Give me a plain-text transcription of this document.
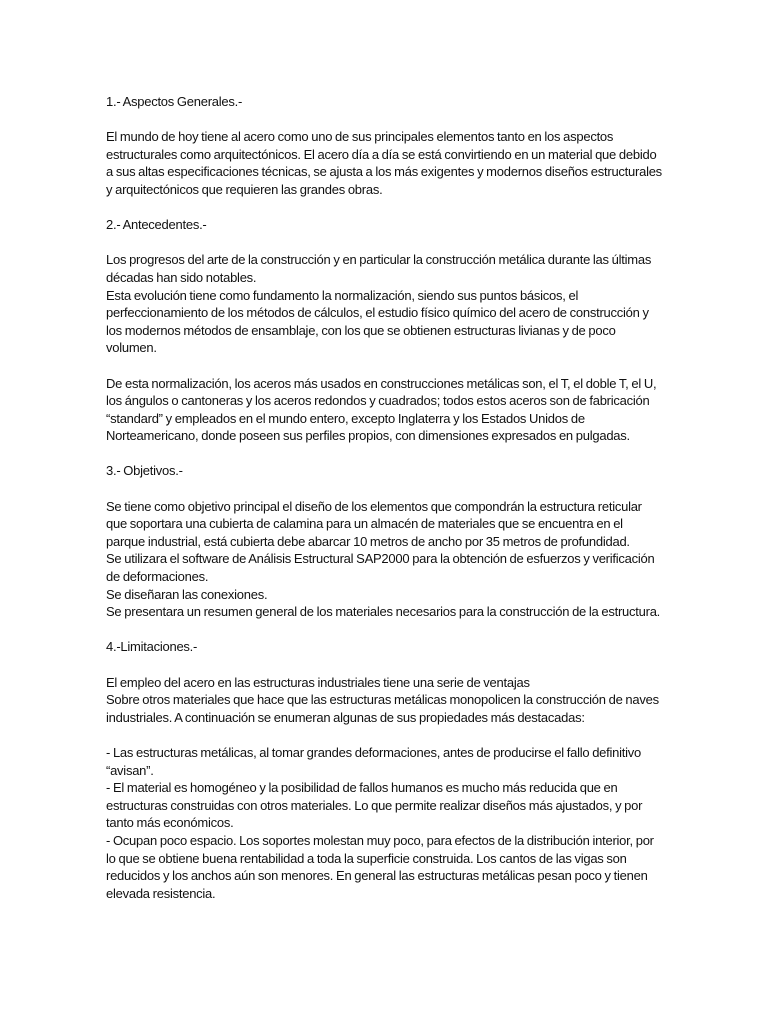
1.- Aspectos Generales.-

El mundo de hoy tiene al acero como uno de sus principales elementos tanto en los aspectos estructurales como arquitectónicos. El acero día a día se está convirtiendo en un material que debido a sus altas especificaciones técnicas, se ajusta a los más exigentes y modernos diseños estructurales y arquitectónicos que requieren las grandes obras.

2.- Antecedentes.-

Los progresos del arte de la construcción y en particular la construcción metálica durante las últimas décadas han sido notables.

Esta evolución tiene como fundamento la normalización, siendo sus puntos básicos, el perfeccionamiento de los métodos de cálculos, el estudio físico químico del acero de construcción y los modernos métodos de ensamblaje, con los que se obtienen estructuras livianas y de poco volumen.

De esta normalización, los aceros más usados en construcciones metálicas son, el T, el doble T, el U, los ángulos o cantoneras y los aceros redondos y cuadrados; todos estos aceros son de fabricación “standard” y empleados en el mundo entero, excepto Inglaterra y los Estados Unidos de Norteamericano, donde poseen sus perfiles propios, con dimensiones expresados en pulgadas.

3.- Objetivos.-

Se tiene como objetivo principal el diseño de los elementos que compondrán la estructura reticular que soportara una cubierta de calamina para un almacén de materiales que se encuentra en el parque industrial, está cubierta debe abarcar 10 metros de ancho por 35 metros de profundidad.

Se utilizara el software de Análisis Estructural SAP2000 para la obtención de esfuerzos y verificación de deformaciones.

Se diseñaran las conexiones.

Se presentara un resumen general de los materiales necesarios para la construcción de la estructura.

4.-Limitaciones.-

El empleo del acero en las estructuras industriales tiene una serie de ventajas

Sobre otros materiales que hace que las estructuras metálicas monopolicen la construcción de naves industriales. A continuación se enumeran algunas de sus propiedades más destacadas:

- Las estructuras metálicas, al tomar grandes deformaciones, antes de producirse el fallo definitivo “avisan”.

- El material es homogéneo y la posibilidad de fallos humanos es mucho más reducida que en estructuras construidas con otros materiales. Lo que permite realizar diseños más ajustados, y por tanto más económicos.

- Ocupan poco espacio. Los soportes molestan muy poco, para efectos de la distribución interior, por lo que se obtiene buena rentabilidad a toda la superficie construida. Los cantos de las vigas son reducidos y los anchos aún son menores. En general las estructuras metálicas pesan poco y tienen elevada resistencia.
